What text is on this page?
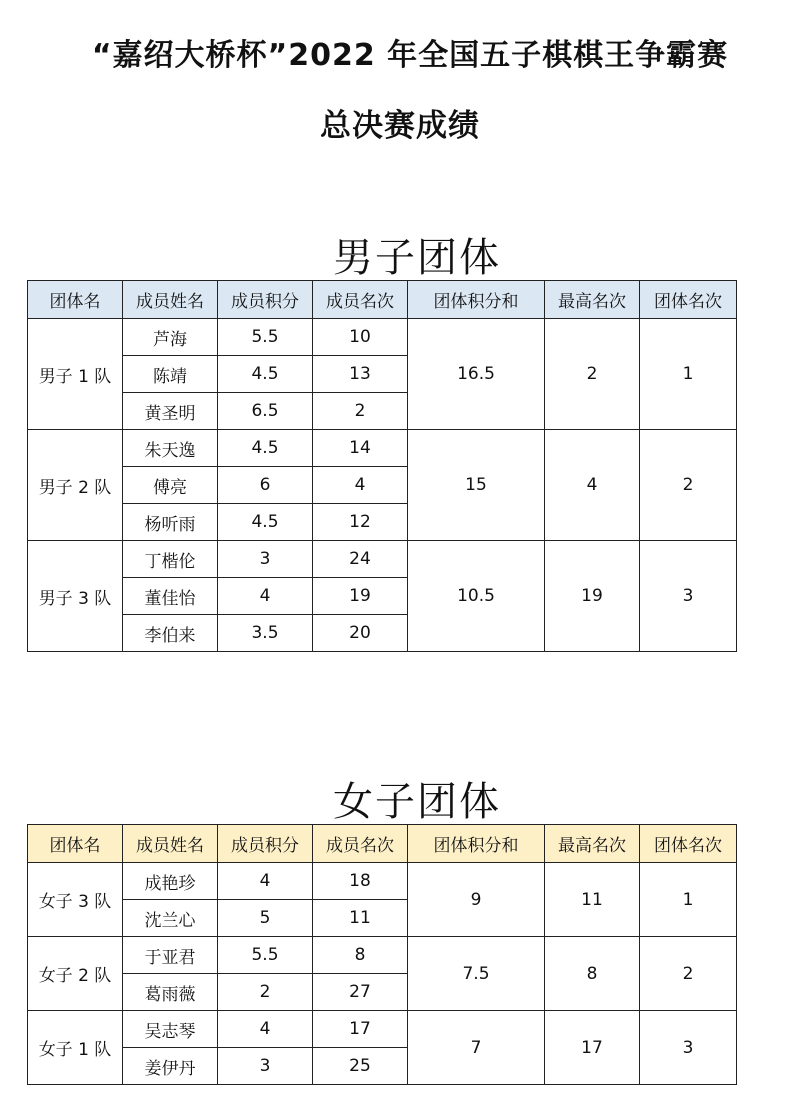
“嘉绍大桥杯”2022 年全国五子棋棋王争霸赛
总决赛成绩
男子团体
团体名	成员姓名	成员积分	成员名次	团体积分和	最高名次	团体名次
男子 1 队	芦海	5.5	10	16.5	2	1
	陈靖	4.5	13			
	黄圣明	6.5	2			
男子 2 队	朱天逸	4.5	14	15	4	2
	傅亮	6	4			
	杨听雨	4.5	12			
男子 3 队	丁楷伦	3	24	10.5	19	3
	董佳怡	4	19			
	李伯来	3.5	20			
女子团体
团体名	成员姓名	成员积分	成员名次	团体积分和	最高名次	团体名次
女子 3 队	成艳珍	4	18	9	11	1
	沈兰心	5	11			
女子 2 队	于亚君	5.5	8	7.5	8	2
	葛雨薇	2	27			
女子 1 队	吴志琴	4	17	7	17	3
	姜伊丹	3	25			
